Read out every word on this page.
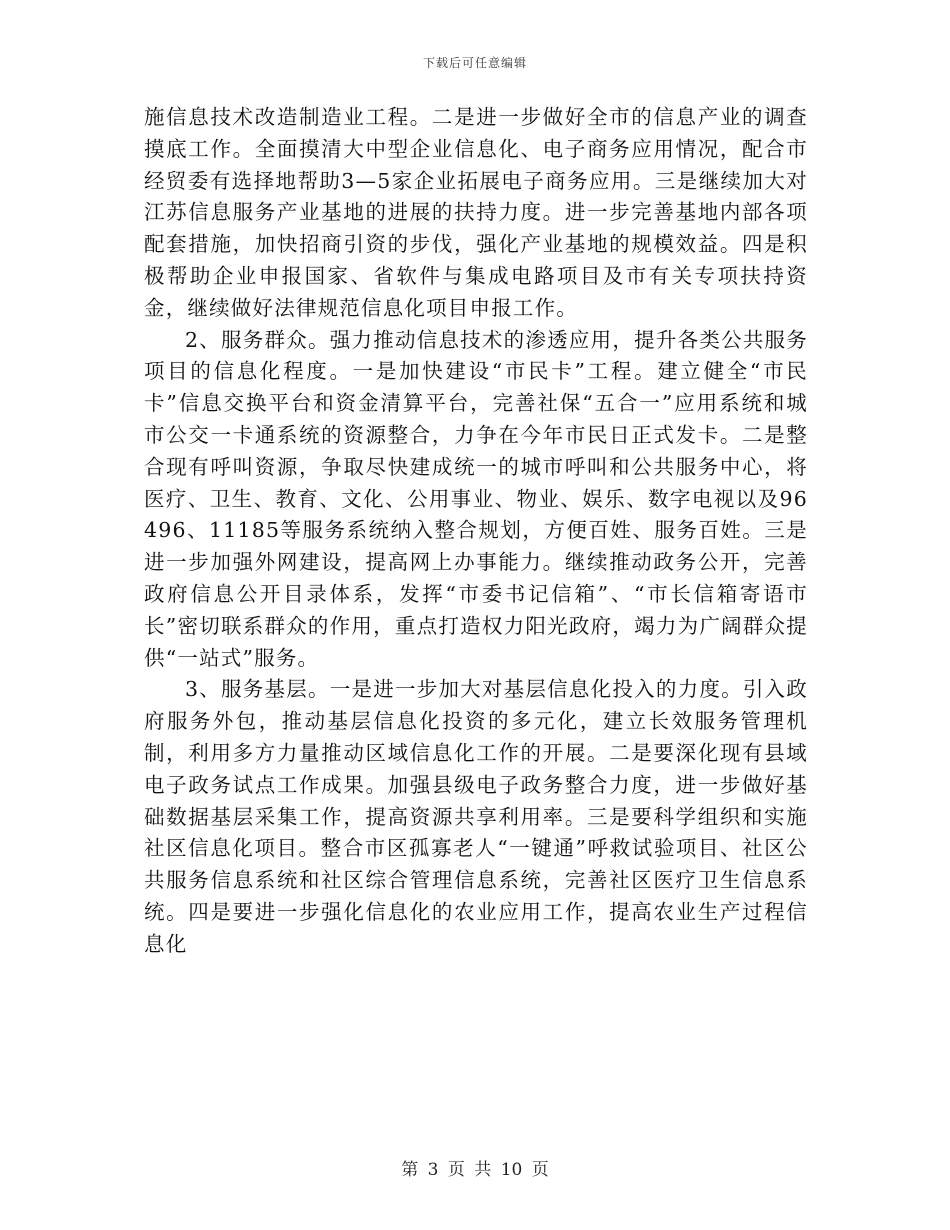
下载后可任意编辑

施信息技术改造制造业工程。二是进一步做好全市的信息产业的调查摸底工作。全面摸清大中型企业信息化、电子商务应用情况，配合市经贸委有选择地帮助3—5家企业拓展电子商务应用。三是继续加大对江苏信息服务产业基地的进展的扶持力度。进一步完善基地内部各项配套措施，加快招商引资的步伐，强化产业基地的规模效益。四是积极帮助企业申报国家、省软件与集成电路项目及市有关专项扶持资金，继续做好法律规范信息化项目申报工作。

2、服务群众。强力推动信息技术的渗透应用，提升各类公共服务项目的信息化程度。一是加快建设“市民卡”工程。建立健全“市民卡”信息交换平台和资金清算平台，完善社保“五合一”应用系统和城市公交一卡通系统的资源整合，力争在今年市民日正式发卡。二是整合现有呼叫资源，争取尽快建成统一的城市呼叫和公共服务中心，将医疗、卫生、教育、文化、公用事业、物业、娱乐、数字电视以及96496、11185等服务系统纳入整合规划，方便百姓、服务百姓。三是进一步加强外网建设，提高网上办事能力。继续推动政务公开，完善政府信息公开目录体系，发挥“市委书记信箱”、“市长信箱寄语市长”密切联系群众的作用，重点打造权力阳光政府，竭力为广阔群众提供“一站式”服务。

3、服务基层。一是进一步加大对基层信息化投入的力度。引入政府服务外包，推动基层信息化投资的多元化，建立长效服务管理机制，利用多方力量推动区域信息化工作的开展。二是要深化现有县域电子政务试点工作成果。加强县级电子政务整合力度，进一步做好基础数据基层采集工作，提高资源共享利用率。三是要科学组织和实施社区信息化项目。整合市区孤寡老人“一键通”呼救试验项目、社区公共服务信息系统和社区综合管理信息系统，完善社区医疗卫生信息系统。四是要进一步强化信息化的农业应用工作，提高农业生产过程信息化

第 3 页 共 10 页
